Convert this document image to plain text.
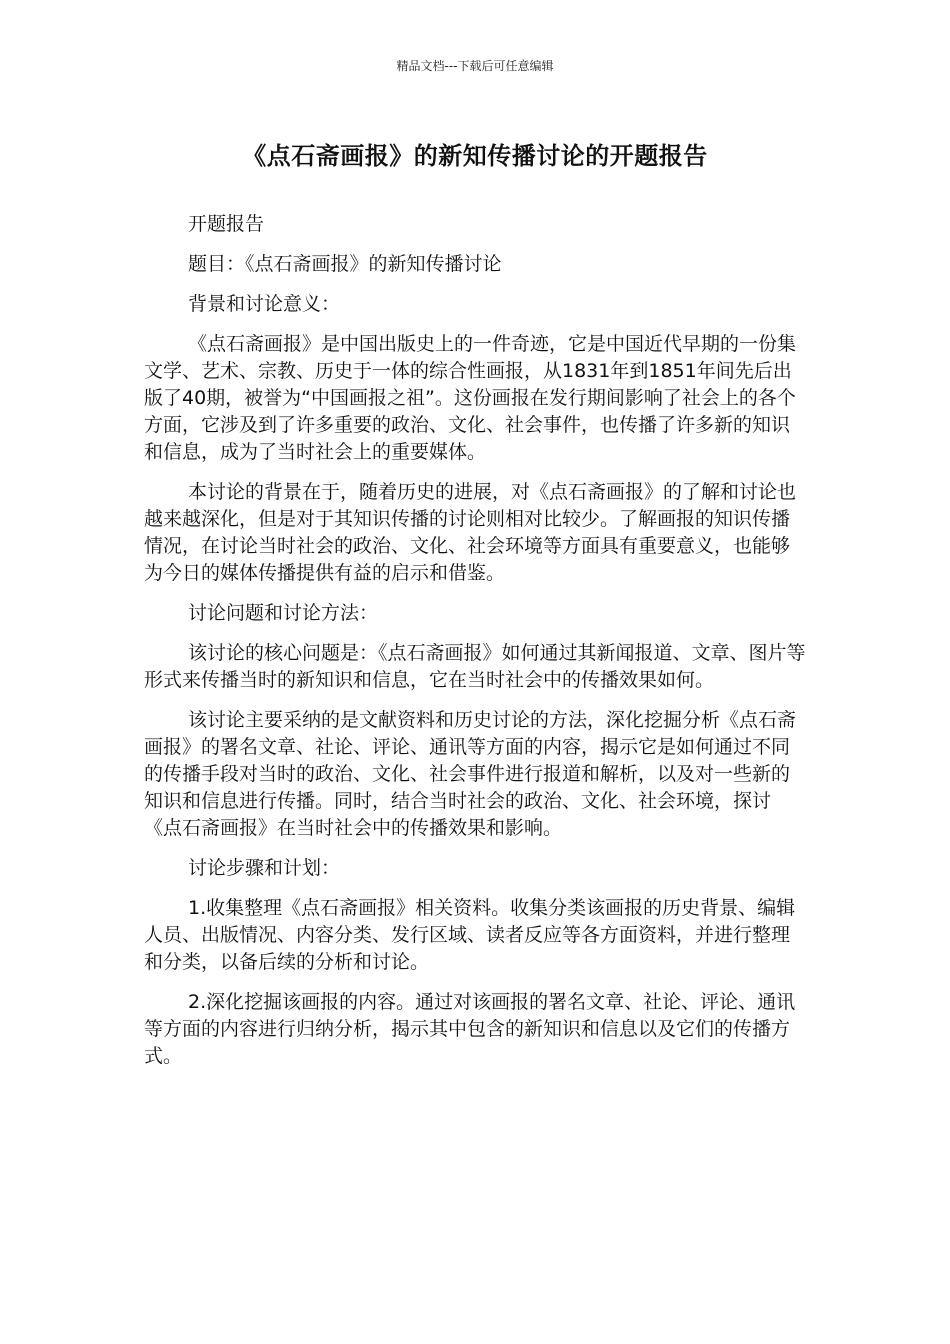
精品文档---下载后可任意编辑
《点石斋画报》的新知传播讨论的开题报告

开题报告

题目：《点石斋画报》的新知传播讨论

背景和讨论意义：

《点石斋画报》是中国出版史上的一件奇迹，它是中国近代早期的一份集文学、艺术、宗教、历史于一体的综合性画报，从1831年到1851年间先后出版了40期，被誉为“中国画报之祖”。这份画报在发行期间影响了社会上的各个方面，它涉及到了许多重要的政治、文化、社会事件，也传播了许多新的知识和信息，成为了当时社会上的重要媒体。

本讨论的背景在于，随着历史的进展，对《点石斋画报》的了解和讨论也越来越深化，但是对于其知识传播的讨论则相对比较少。了解画报的知识传播情况，在讨论当时社会的政治、文化、社会环境等方面具有重要意义，也能够为今日的媒体传播提供有益的启示和借鉴。

讨论问题和讨论方法：

该讨论的核心问题是：《点石斋画报》如何通过其新闻报道、文章、图片等形式来传播当时的新知识和信息，它在当时社会中的传播效果如何。

该讨论主要采纳的是文献资料和历史讨论的方法，深化挖掘分析《点石斋画报》的署名文章、社论、评论、通讯等方面的内容，揭示它是如何通过不同的传播手段对当时的政治、文化、社会事件进行报道和解析，以及对一些新的知识和信息进行传播。同时，结合当时社会的政治、文化、社会环境，探讨《点石斋画报》在当时社会中的传播效果和影响。

讨论步骤和计划：

1.收集整理《点石斋画报》相关资料。收集分类该画报的历史背景、编辑人员、出版情况、内容分类、发行区域、读者反应等各方面资料，并进行整理和分类，以备后续的分析和讨论。

2.深化挖掘该画报的内容。通过对该画报的署名文章、社论、评论、通讯等方面的内容进行归纳分析，揭示其中包含的新知识和信息以及它们的传播方式。
